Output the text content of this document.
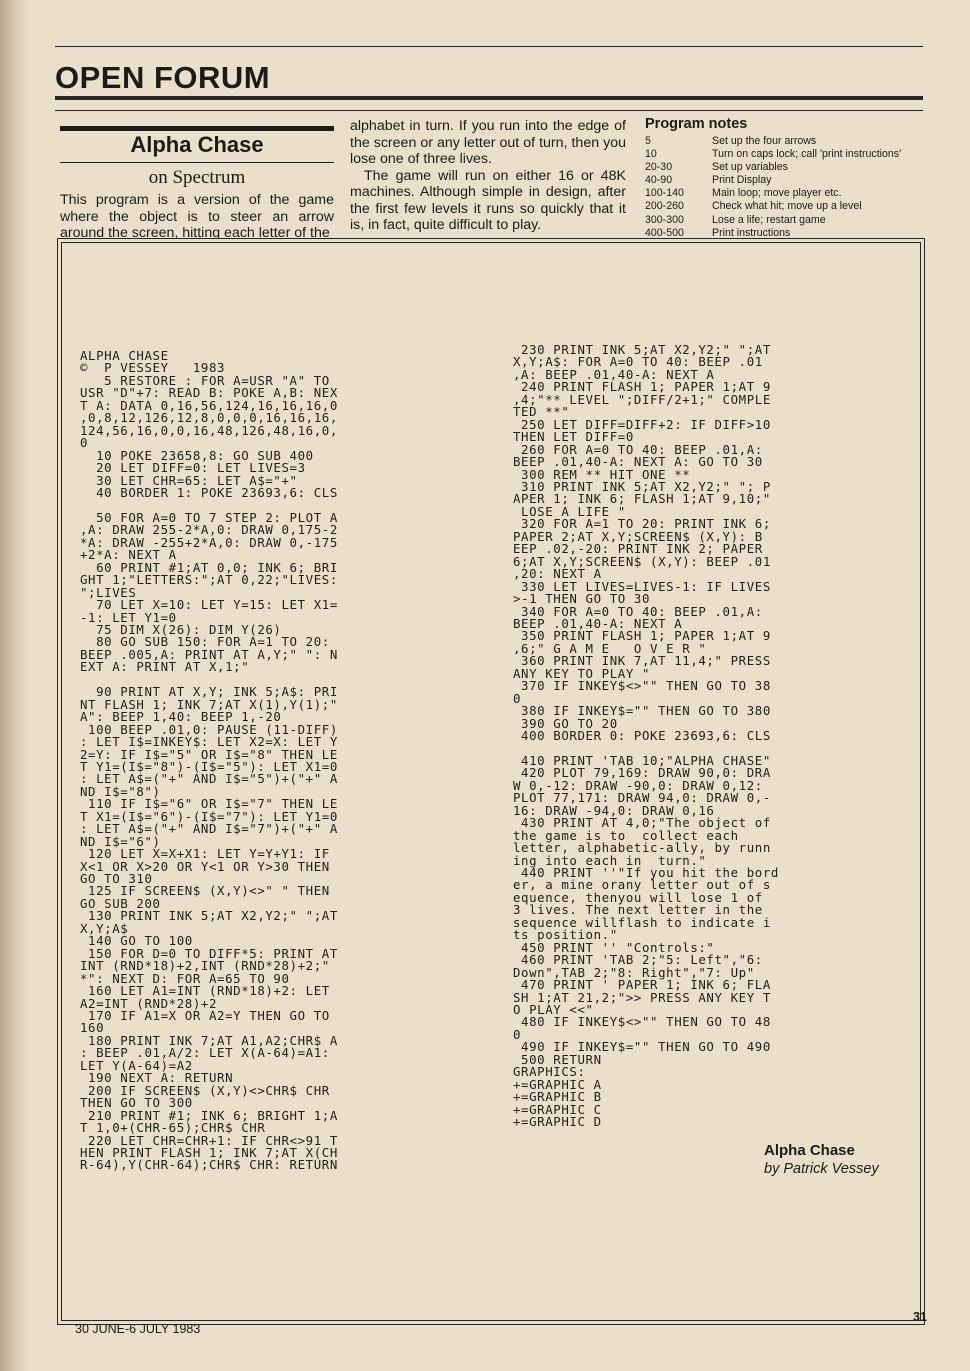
OPEN FORUM
Alpha Chase

on Spectrum

This program is a version of the game where the object is to steer an arrow around the screen, hitting each letter of the

alphabet in turn. If you run into the edge of the screen or any letter out of turn, then you lose one of three lives.

The game will run on either 16 or 48K machines. Although simple in design, after the first few levels it runs so quickly that it is, in fact, quite difficult to play.

Program notes

5	Set up the four arrows
10	Turn on caps lock; call 'print instructions'
20-30	Set up variables
40-90	Print Display
100-140	Main loop; move player etc.
200-260	Check what hit; move up a level
300-300	Lose a life; restart game
400-500	Print instructions
ALPHA CHASE
©  P VESSEY   1983
5 RESTORE : FOR A=USR "A" TO
USR "D"+7: READ B: POKE A,B: NEX
T A: DATA 0,16,56,124,16,16,16,0
,0,8,12,126,12,8,0,0,0,16,16,16,
124,56,16,0,0,16,48,126,48,16,0,
0
10 POKE 23658,8: GO SUB 400
20 LET DIFF=0: LET LIVES=3
30 LET CHR=65: LET A$="+"
40 BORDER 1: POKE 23693,6: CLS

50 FOR A=0 TO 7 STEP 2: PLOT A
,A: DRAW 255-2*A,0: DRAW 0,175-2
*A: DRAW -255+2*A,0: DRAW 0,-175
+2*A: NEXT A
60 PRINT #1;AT 0,0; INK 6; BRI
GHT 1;"LETTERS:";AT 0,22;"LIVES:
";LIVES
70 LET X=10: LET Y=15: LET X1=
-1: LET Y1=0
75 DIM X(26): DIM Y(26)
80 GO SUB 150: FOR A=1 TO 20:
BEEP .005,A: PRINT AT A,Y;" ": N
EXT A: PRINT AT X,1;"

90 PRINT AT X,Y; INK 5;A$: PRI
NT FLASH 1; INK 7;AT X(1),Y(1);"
A": BEEP 1,40: BEEP 1,-20
100 BEEP .01,0: PAUSE (11-DIFF)
: LET I$=INKEY$: LET X2=X: LET Y
2=Y: IF I$="5" OR I$="8" THEN LE
T Y1=(I$="8")-(I$="5"): LET X1=0
: LET A$=("+" AND I$="5")+("+" A
ND I$="8")
110 IF I$="6" OR I$="7" THEN LE
T X1=(I$="6")-(I$="7"): LET Y1=0
: LET A$=("+" AND I$="7")+("+" A
ND I$="6")
120 LET X=X+X1: LET Y=Y+Y1: IF
X<1 OR X>20 OR Y<1 OR Y>30 THEN
GO TO 310
125 IF SCREEN$ (X,Y)<>" " THEN
GO SUB 200
130 PRINT INK 5;AT X2,Y2;" ";AT
X,Y;A$
140 GO TO 100
150 FOR D=0 TO DIFF*5: PRINT AT
INT (RND*18)+2,INT (RND*28)+2;"
*": NEXT D: FOR A=65 TO 90
160 LET A1=INT (RND*18)+2: LET
A2=INT (RND*28)+2
170 IF A1=X OR A2=Y THEN GO TO
160
180 PRINT INK 7;AT A1,A2;CHR$ A
: BEEP .01,A/2: LET X(A-64)=A1:
LET Y(A-64)=A2
190 NEXT A: RETURN
200 IF SCREEN$ (X,Y)<>CHR$ CHR
THEN GO TO 300
210 PRINT #1; INK 6; BRIGHT 1;A
T 1,0+(CHR-65);CHR$ CHR
220 LET CHR=CHR+1: IF CHR<>91 T
HEN PRINT FLASH 1; INK 7;AT X(CH
R-64),Y(CHR-64);CHR$ CHR: RETURN
230 PRINT INK 5;AT X2,Y2;" ";AT
X,Y;A$: FOR A=0 TO 40: BEEP .01
,A: BEEP .01,40-A: NEXT A
240 PRINT FLASH 1; PAPER 1;AT 9
,4;"** LEVEL ";DIFF/2+1;" COMPLE
TED **"
250 LET DIFF=DIFF+2: IF DIFF>10
THEN LET DIFF=0
260 FOR A=0 TO 40: BEEP .01,A:
BEEP .01,40-A: NEXT A: GO TO 30
300 REM ** HIT ONE **
310 PRINT INK 5;AT X2,Y2;" "; P
APER 1; INK 6; FLASH 1;AT 9,10;"
LOSE A LIFE "
320 FOR A=1 TO 20: PRINT INK 6;
PAPER 2;AT X,Y;SCREEN$ (X,Y): B
EEP .02,-20: PRINT INK 2; PAPER
6;AT X,Y;SCREEN$ (X,Y): BEEP .01
,20: NEXT A
330 LET LIVES=LIVES-1: IF LIVES
>-1 THEN GO TO 30
340 FOR A=0 TO 40: BEEP .01,A:
BEEP .01,40-A: NEXT A
350 PRINT FLASH 1; PAPER 1;AT 9
,6;" G A M E   O V E R "
360 PRINT INK 7,AT 11,4;" PRESS
ANY KEY TO PLAY "
370 IF INKEY$<>"" THEN GO TO 38
0
380 IF INKEY$="" THEN GO TO 380
390 GO TO 20
400 BORDER 0: POKE 23693,6: CLS

410 PRINT 'TAB 10;"ALPHA CHASE"
420 PLOT 79,169: DRAW 90,0: DRA
W 0,-12: DRAW -90,0: DRAW 0,12:
PLOT 77,171: DRAW 94,0: DRAW 0,-
16: DRAW -94,0: DRAW 0,16
430 PRINT AT 4,0;"The object of
the game is to  collect each
letter, alphabetic-ally, by runn
ing into each in  turn."
440 PRINT ''"If you hit the bord
er, a mine orany letter out of s
equence, thenyou will lose 1 of
3 lives. The next letter in the
sequence willflash to indicate i
ts position."
450 PRINT '' "Controls:"
460 PRINT 'TAB 2;"5: Left","6:
Down",TAB 2;"8: Right","7: Up"
470 PRINT ' PAPER 1; INK 6; FLA
SH 1;AT 21,2;">> PRESS ANY KEY T
O PLAY <<"
480 IF INKEY$<>"" THEN GO TO 48
0
490 IF INKEY$="" THEN GO TO 490
500 RETURN
GRAPHICS:
+=GRAPHIC A
+=GRAPHIC B
+=GRAPHIC C
+=GRAPHIC D

Alpha Chase

by Patrick Vessey

30 JUNE-6 JULY 1983

31
